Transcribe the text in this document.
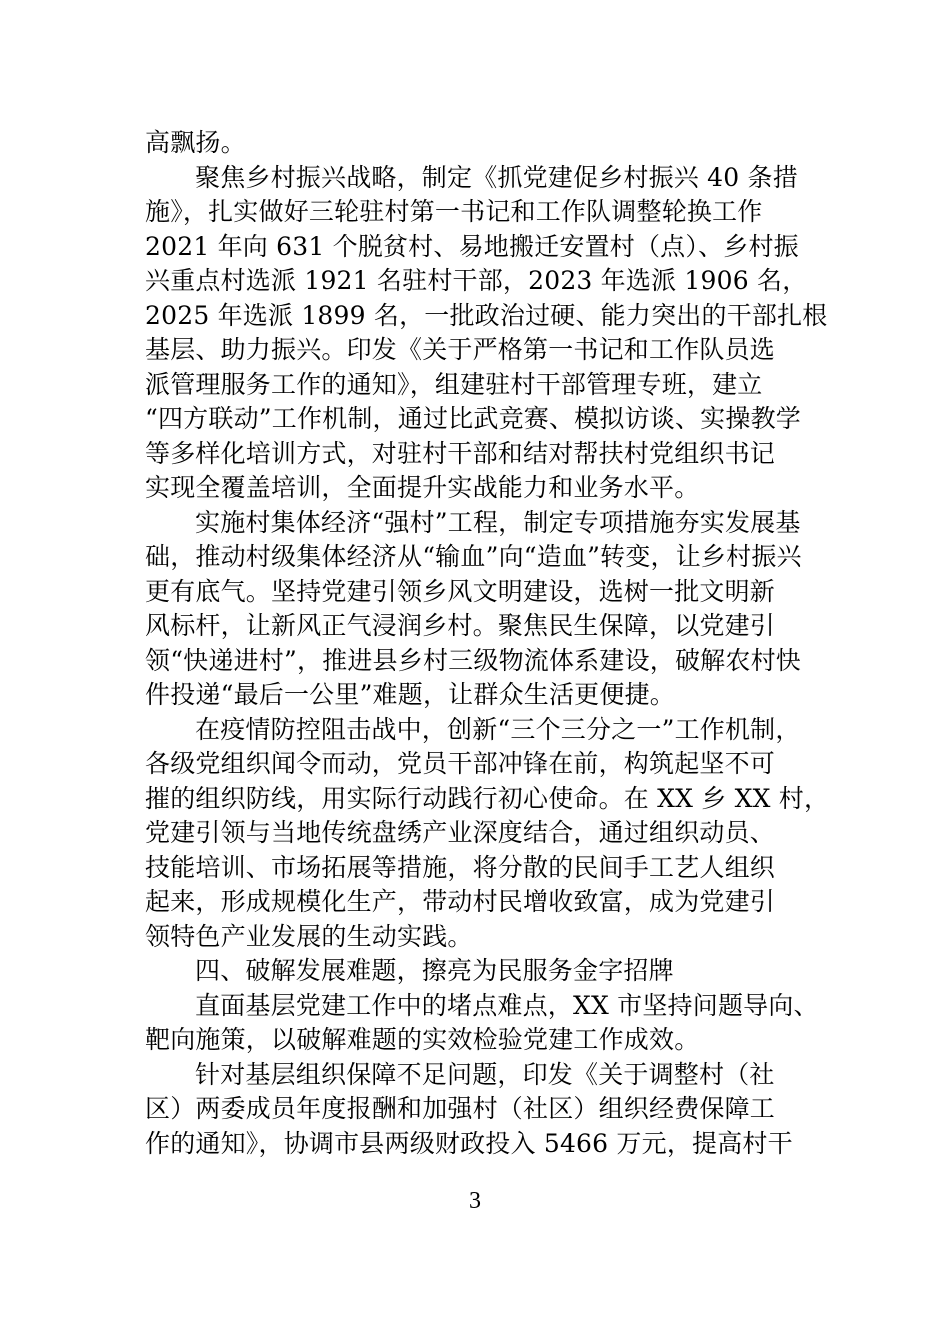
高飘扬。
聚焦乡村振兴战略，制定《抓党建促乡村振兴 40 条措
施》，扎实做好三轮驻村第一书记和工作队调整轮换工作
2021 年向 631 个脱贫村、易地搬迁安置村（点）、乡村振
兴重点村选派 1921 名驻村干部，2023 年选派 1906 名，
2025 年选派 1899 名，一批政治过硬、能力突出的干部扎根
基层、助力振兴。印发《关于严格第一书记和工作队员选
派管理服务工作的通知》，组建驻村干部管理专班，建立
“四方联动”工作机制，通过比武竞赛、模拟访谈、实操教学
等多样化培训方式，对驻村干部和结对帮扶村党组织书记
实现全覆盖培训，全面提升实战能力和业务水平。
实施村集体经济“强村”工程，制定专项措施夯实发展基
础，推动村级集体经济从“输血”向“造血”转变，让乡村振兴
更有底气。坚持党建引领乡风文明建设，选树一批文明新
风标杆，让新风正气浸润乡村。聚焦民生保障，以党建引
领“快递进村”，推进县乡村三级物流体系建设，破解农村快
件投递“最后一公里”难题，让群众生活更便捷。
在疫情防控阻击战中，创新“三个三分之一”工作机制，
各级党组织闻令而动，党员干部冲锋在前，构筑起坚不可
摧的组织防线，用实际行动践行初心使命。在 XX 乡 XX 村，
党建引领与当地传统盘绣产业深度结合，通过组织动员、
技能培训、市场拓展等措施，将分散的民间手工艺人组织
起来，形成规模化生产，带动村民增收致富，成为党建引
领特色产业发展的生动实践。
四、破解发展难题，擦亮为民服务金字招牌
直面基层党建工作中的堵点难点，XX 市坚持问题导向、
靶向施策，以破解难题的实效检验党建工作成效。
针对基层组织保障不足问题，印发《关于调整村（社
区）两委成员年度报酬和加强村（社区）组织经费保障工
作的通知》，协调市县两级财政投入 5466 万元，提高村干
3
